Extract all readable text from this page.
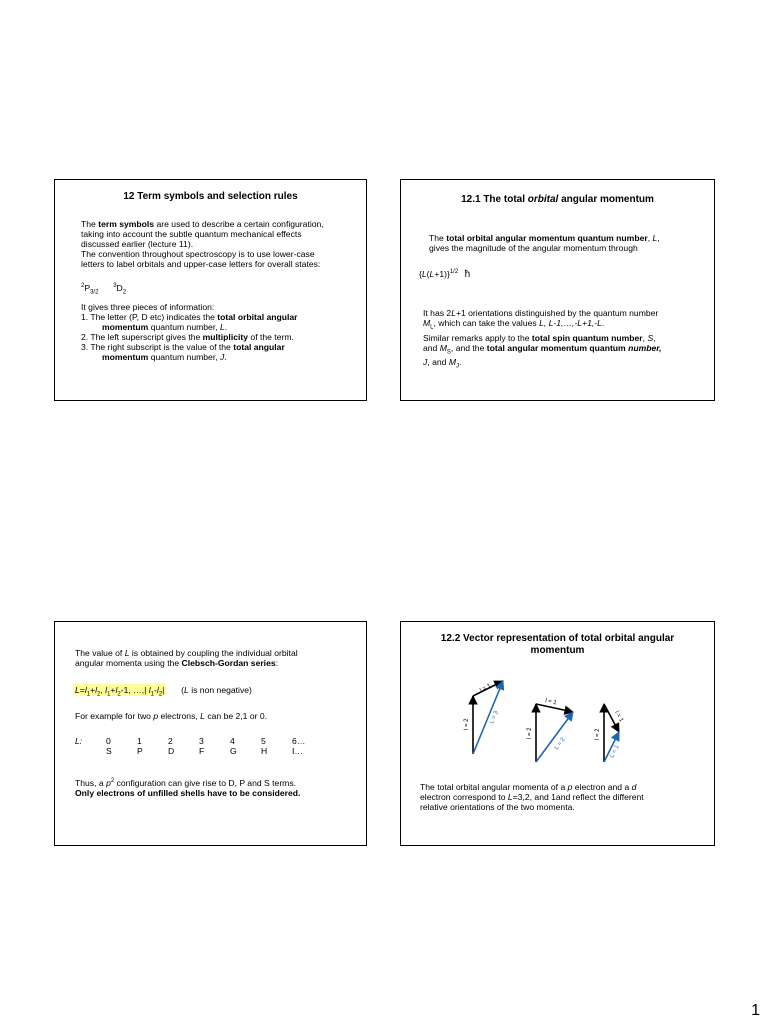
12 Term symbols and selection rules
The term symbols are used to describe a certain configuration,
taking into account the subtle quantum mechanical effects
discussed earlier (lecture 11).
The convention throughout spectroscopy is to use lower-case
letters to label orbitals and upper-case letters for overall states:
$^2P_{3/2}$  $^3D_2$
It gives three pieces of information:
1. The letter (P, D etc) indicates the total orbital angular
momentum quantum number, L.
2. The left superscript gives the multiplicity of the term.
3. The right subscript is the value of the total angular
momentum quantum number, J.
12.1 The total orbital angular momentum
The total orbital angular momentum quantum number, L,
gives the magnitude of the angular momentum through
$\{L(L+1)\}^{1/2}$ ħ
It has 2L+1 orientations distinguished by the quantum number
$M_L$, which can take the values L, L-1,…,-L+1,-L.
Similar remarks apply to the total spin quantum number, S,
and $M_S$, and the total angular momentum quantum number,
J, and $M_J$.
The value of L is obtained by coupling the individual orbital
angular momenta using the Clebsch-Gordan series:
$L=l_1+l_2$, $l_1+l_2-1$, …,| $l_1-l_2|$ (L is non negative)
For example for two p electrons, L can be 2,1 or 0.
L:	0	1	2	3	4	5	6…
S	P	D	F	G	H	I…
Thus, a $p^2$ configuration can give rise to D, P and S terms.
Only electrons of unfilled shells have to be considered.
12.2 Vector representation of total orbital angular
momentum
l = 1
l = 2	L = 3
l = 1
l = 2
L = 2
l = 1
l = 2
L = 1
The total orbital angular momenta of a p electron and a d
electron correspond to L=3,2, and 1and reflect the different
relative orientations of the two momenta.
1
